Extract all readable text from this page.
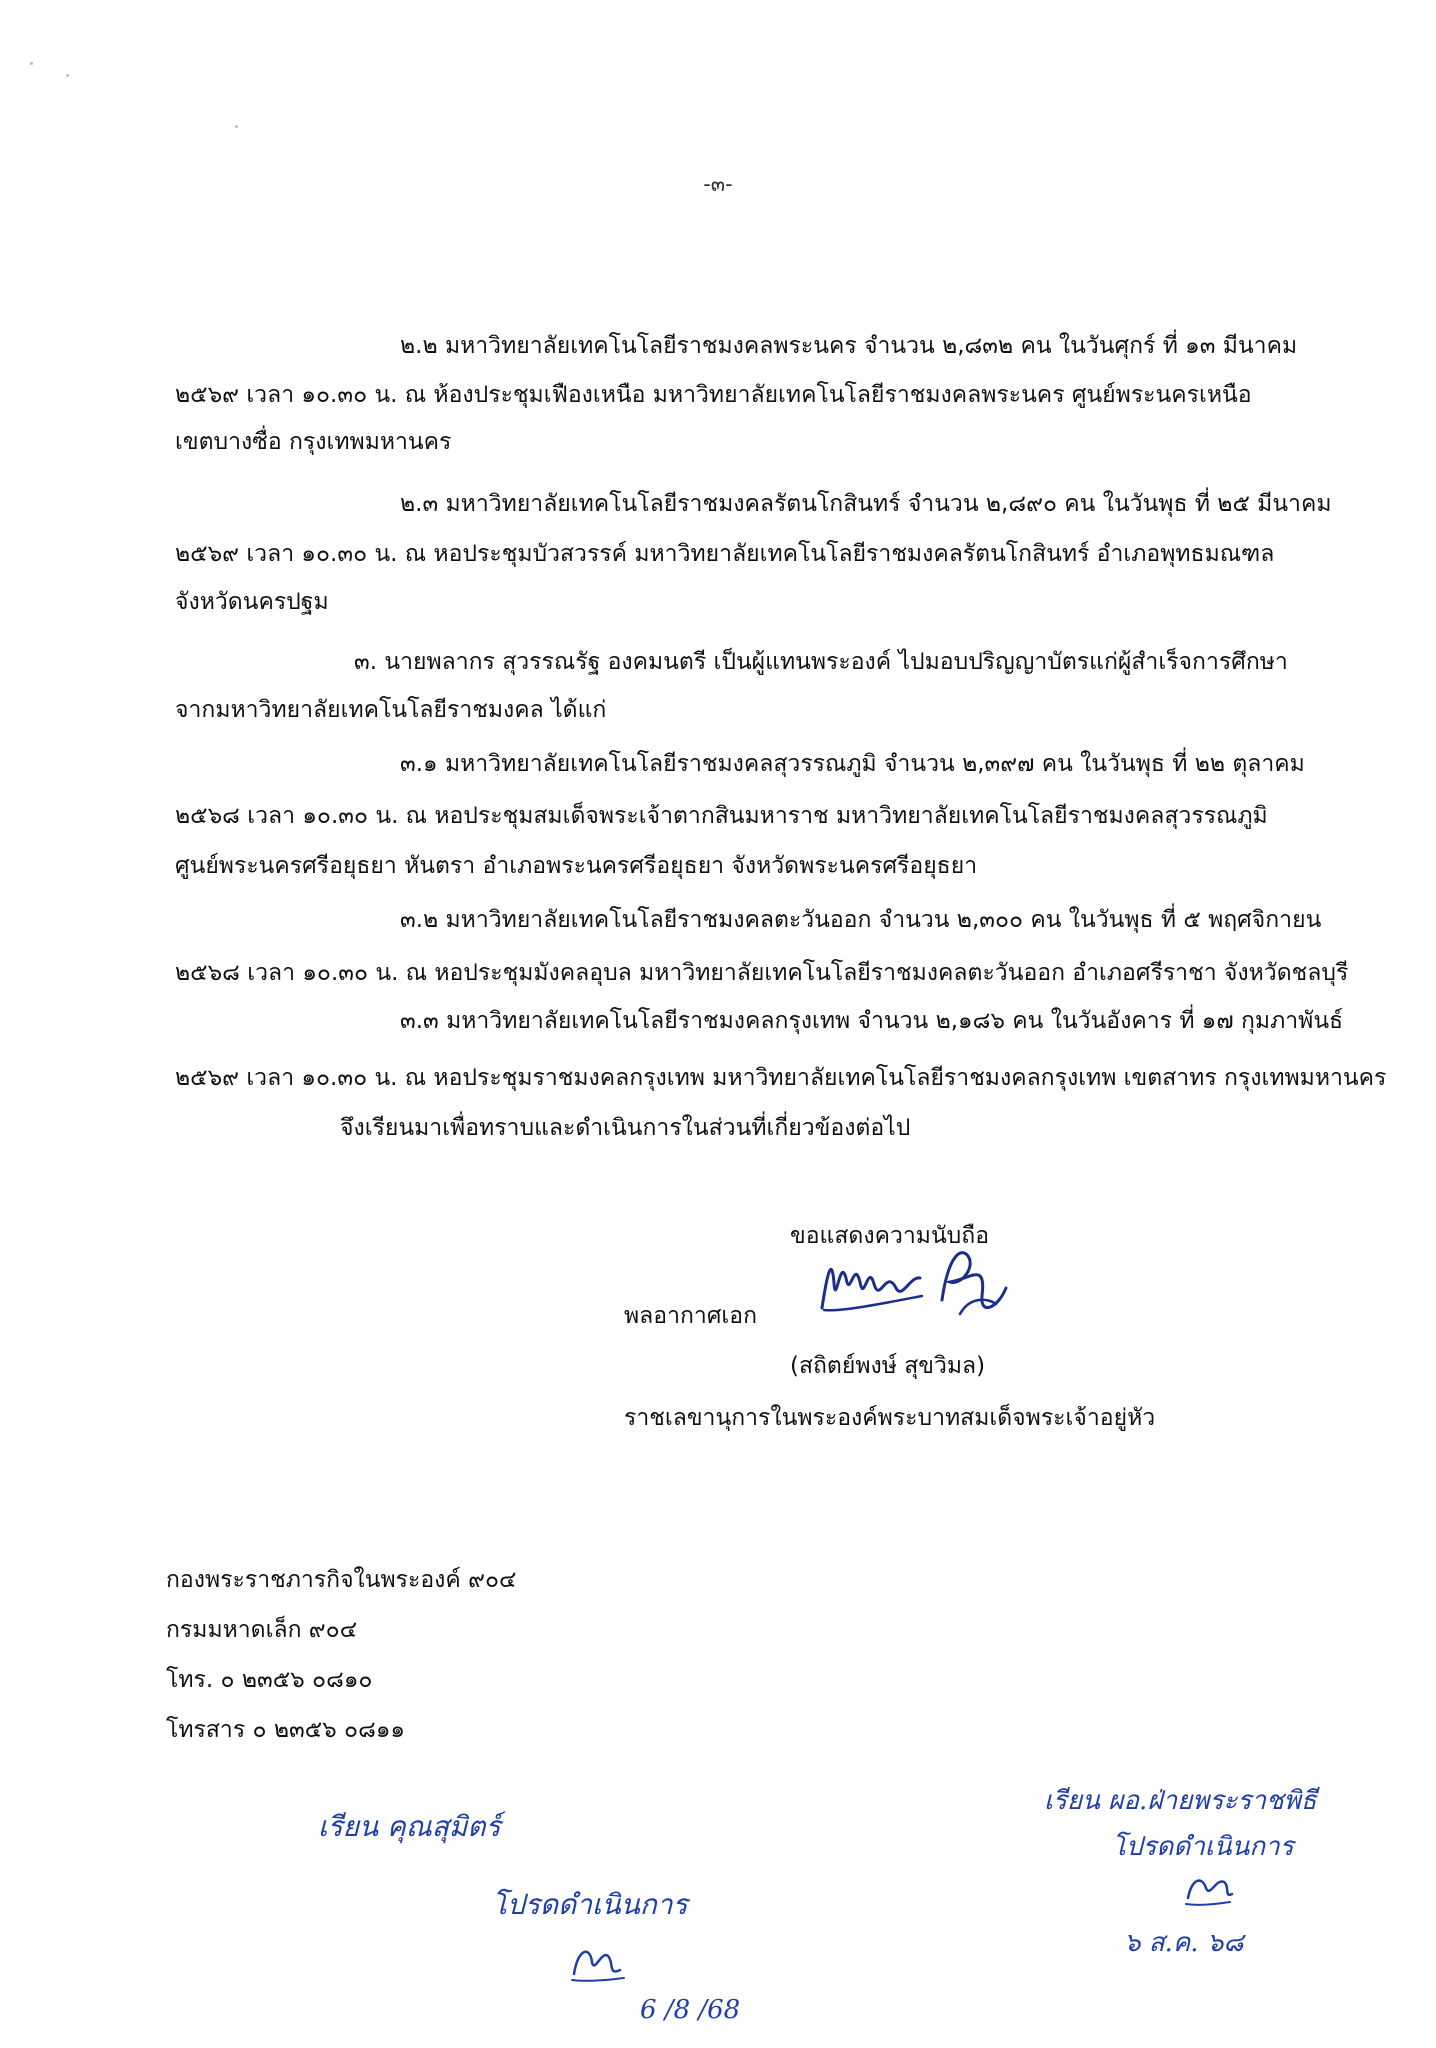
-๓-
๒.๒ มหาวิทยาลัยเทคโนโลยีราชมงคลพระนคร จำนวน ๒,๘๓๒ คน ในวันศุกร์ ที่ ๑๓ มีนาคม
๒๕๖๙ เวลา ๑๐.๓๐ น. ณ ห้องประชุมเฟืองเหนือ มหาวิทยาลัยเทคโนโลยีราชมงคลพระนคร ศูนย์พระนครเหนือ
เขตบางซื่อ กรุงเทพมหานคร
๒.๓ มหาวิทยาลัยเทคโนโลยีราชมงคลรัตนโกสินทร์ จำนวน ๒,๘๙๐ คน ในวันพุธ ที่ ๒๕ มีนาคม
๒๕๖๙ เวลา ๑๐.๓๐ น. ณ หอประชุมบัวสวรรค์ มหาวิทยาลัยเทคโนโลยีราชมงคลรัตนโกสินทร์ อำเภอพุทธมณฑล
จังหวัดนครปฐม
๓. นายพลากร สุวรรณรัฐ องคมนตรี เป็นผู้แทนพระองค์ ไปมอบปริญญาบัตรแก่ผู้สำเร็จการศึกษา
จากมหาวิทยาลัยเทคโนโลยีราชมงคล ได้แก่
๓.๑ มหาวิทยาลัยเทคโนโลยีราชมงคลสุวรรณภูมิ จำนวน ๒,๓๙๗ คน ในวันพุธ ที่ ๒๒ ตุลาคม
๒๕๖๘ เวลา ๑๐.๓๐ น. ณ หอประชุมสมเด็จพระเจ้าตากสินมหาราช มหาวิทยาลัยเทคโนโลยีราชมงคลสุวรรณภูมิ
ศูนย์พระนครศรีอยุธยา หันตรา อำเภอพระนครศรีอยุธยา จังหวัดพระนครศรีอยุธยา
๓.๒ มหาวิทยาลัยเทคโนโลยีราชมงคลตะวันออก จำนวน ๒,๓๐๐ คน ในวันพุธ ที่ ๕ พฤศจิกายน
๒๕๖๘ เวลา ๑๐.๓๐ น. ณ หอประชุมมังคลอุบล มหาวิทยาลัยเทคโนโลยีราชมงคลตะวันออก อำเภอศรีราชา จังหวัดชลบุรี
๓.๓ มหาวิทยาลัยเทคโนโลยีราชมงคลกรุงเทพ จำนวน ๒,๑๘๖ คน ในวันอังคาร ที่ ๑๗ กุมภาพันธ์
๒๕๖๙ เวลา ๑๐.๓๐ น. ณ หอประชุมราชมงคลกรุงเทพ มหาวิทยาลัยเทคโนโลยีราชมงคลกรุงเทพ เขตสาทร กรุงเทพมหานคร
จึงเรียนมาเพื่อทราบและดำเนินการในส่วนที่เกี่ยวข้องต่อไป
ขอแสดงความนับถือ
พลอากาศเอก
(สถิตย์พงษ์ สุขวิมล)
ราชเลขานุการในพระองค์พระบาทสมเด็จพระเจ้าอยู่หัว
กองพระราชภารกิจในพระองค์ ๙๐๔
กรมมหาดเล็ก ๙๐๔
โทร. ๐ ๒๓๕๖ ๐๘๑๐
โทรสาร ๐ ๒๓๕๖ ๐๘๑๑
เรียน คุณสุมิตร์
โปรดดำเนินการ
6 /8 /68
เรียน ผอ.ฝ่ายพระราชพิธี
โปรดดำเนินการ
๖ ส.ค. ๖๘
